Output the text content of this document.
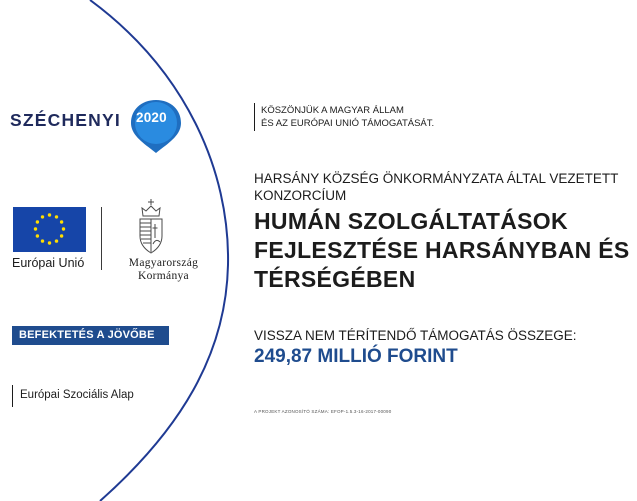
SZÉCHENYI 2020
Európai Unió	Magyarország
Kormánya
BEFEKTETÉS A JÖVŐBE
Európai Szociális Alap
KÖSZÖNJÜK A MAGYAR ÁLLAM
ÉS AZ EURÓPAI UNIÓ TÁMOGATÁSÁT.
HARSÁNY KÖZSÉG ÖNKORMÁNYZATA ÁLTAL VEZETETT KONZORCÍUM
HUMÁN SZOLGÁLTATÁSOK FEJLESZTÉSE HARSÁNYBAN ÉS TÉRSÉGÉBEN
VISSZA NEM TÉRÍTENDŐ TÁMOGATÁS ÖSSZEGE:
249,87 MILLIÓ FORINT
A PROJEKT AZONOSÍTÓ SZÁMA: EFOP-1.5.3-16-2017-00090
